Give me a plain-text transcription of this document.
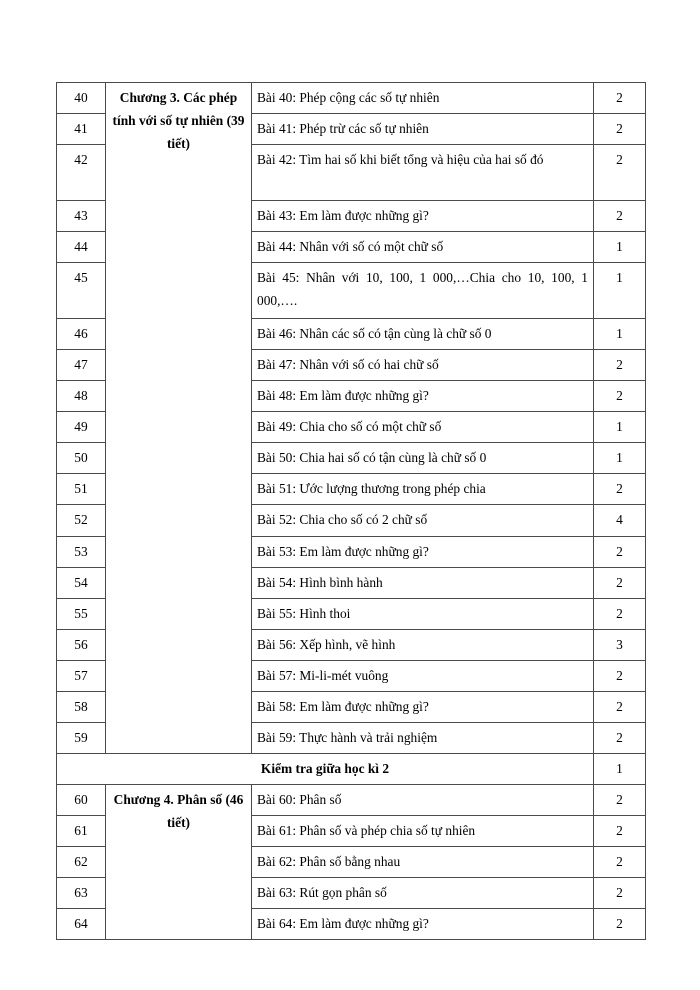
40	Chương 3. Các phép tính với số tự nhiên (39 tiết)	Bài 40: Phép cộng các số tự nhiên	2
41		Bài 41: Phép trừ các số tự nhiên	2
42		Bài 42: Tìm hai số khi biết tổng và hiệu của hai số đó	2
43		Bài 43: Em làm được những gì?	2
44		Bài 44: Nhân với số có một chữ số	1
45		Bài 45: Nhân với 10, 100, 1 000,…Chia cho 10, 100, 1 000,….	1
46		Bài 46: Nhân các số có tận cùng là chữ số 0	1
47		Bài 47: Nhân với số có hai chữ số	2
48		Bài 48: Em làm được những gì?	2
49		Bài 49: Chia cho số có một chữ số	1
50		Bài 50: Chia hai số có tận cùng là chữ số 0	1
51		Bài 51: Ước lượng thương trong phép chia	2
52		Bài 52: Chia cho số có 2 chữ số	4
53		Bài 53: Em làm được những gì?	2
54		Bài 54: Hình bình hành	2
55		Bài 55: Hình thoi	2
56		Bài 56: Xếp hình, vẽ hình	3
57		Bài 57: Mi-li-mét vuông	2
58		Bài 58: Em làm được những gì?	2
59		Bài 59: Thực hành và trải nghiệm	2
Kiểm tra giữa học kì 2			1
60	Chương 4. Phân số (46 tiết)	Bài 60: Phân số	2
61		Bài 61: Phân số và phép chia số tự nhiên	2
62		Bài 62: Phân số bằng nhau	2
63		Bài 63: Rút gọn phân số	2
64		Bài 64: Em làm được những gì?	2
